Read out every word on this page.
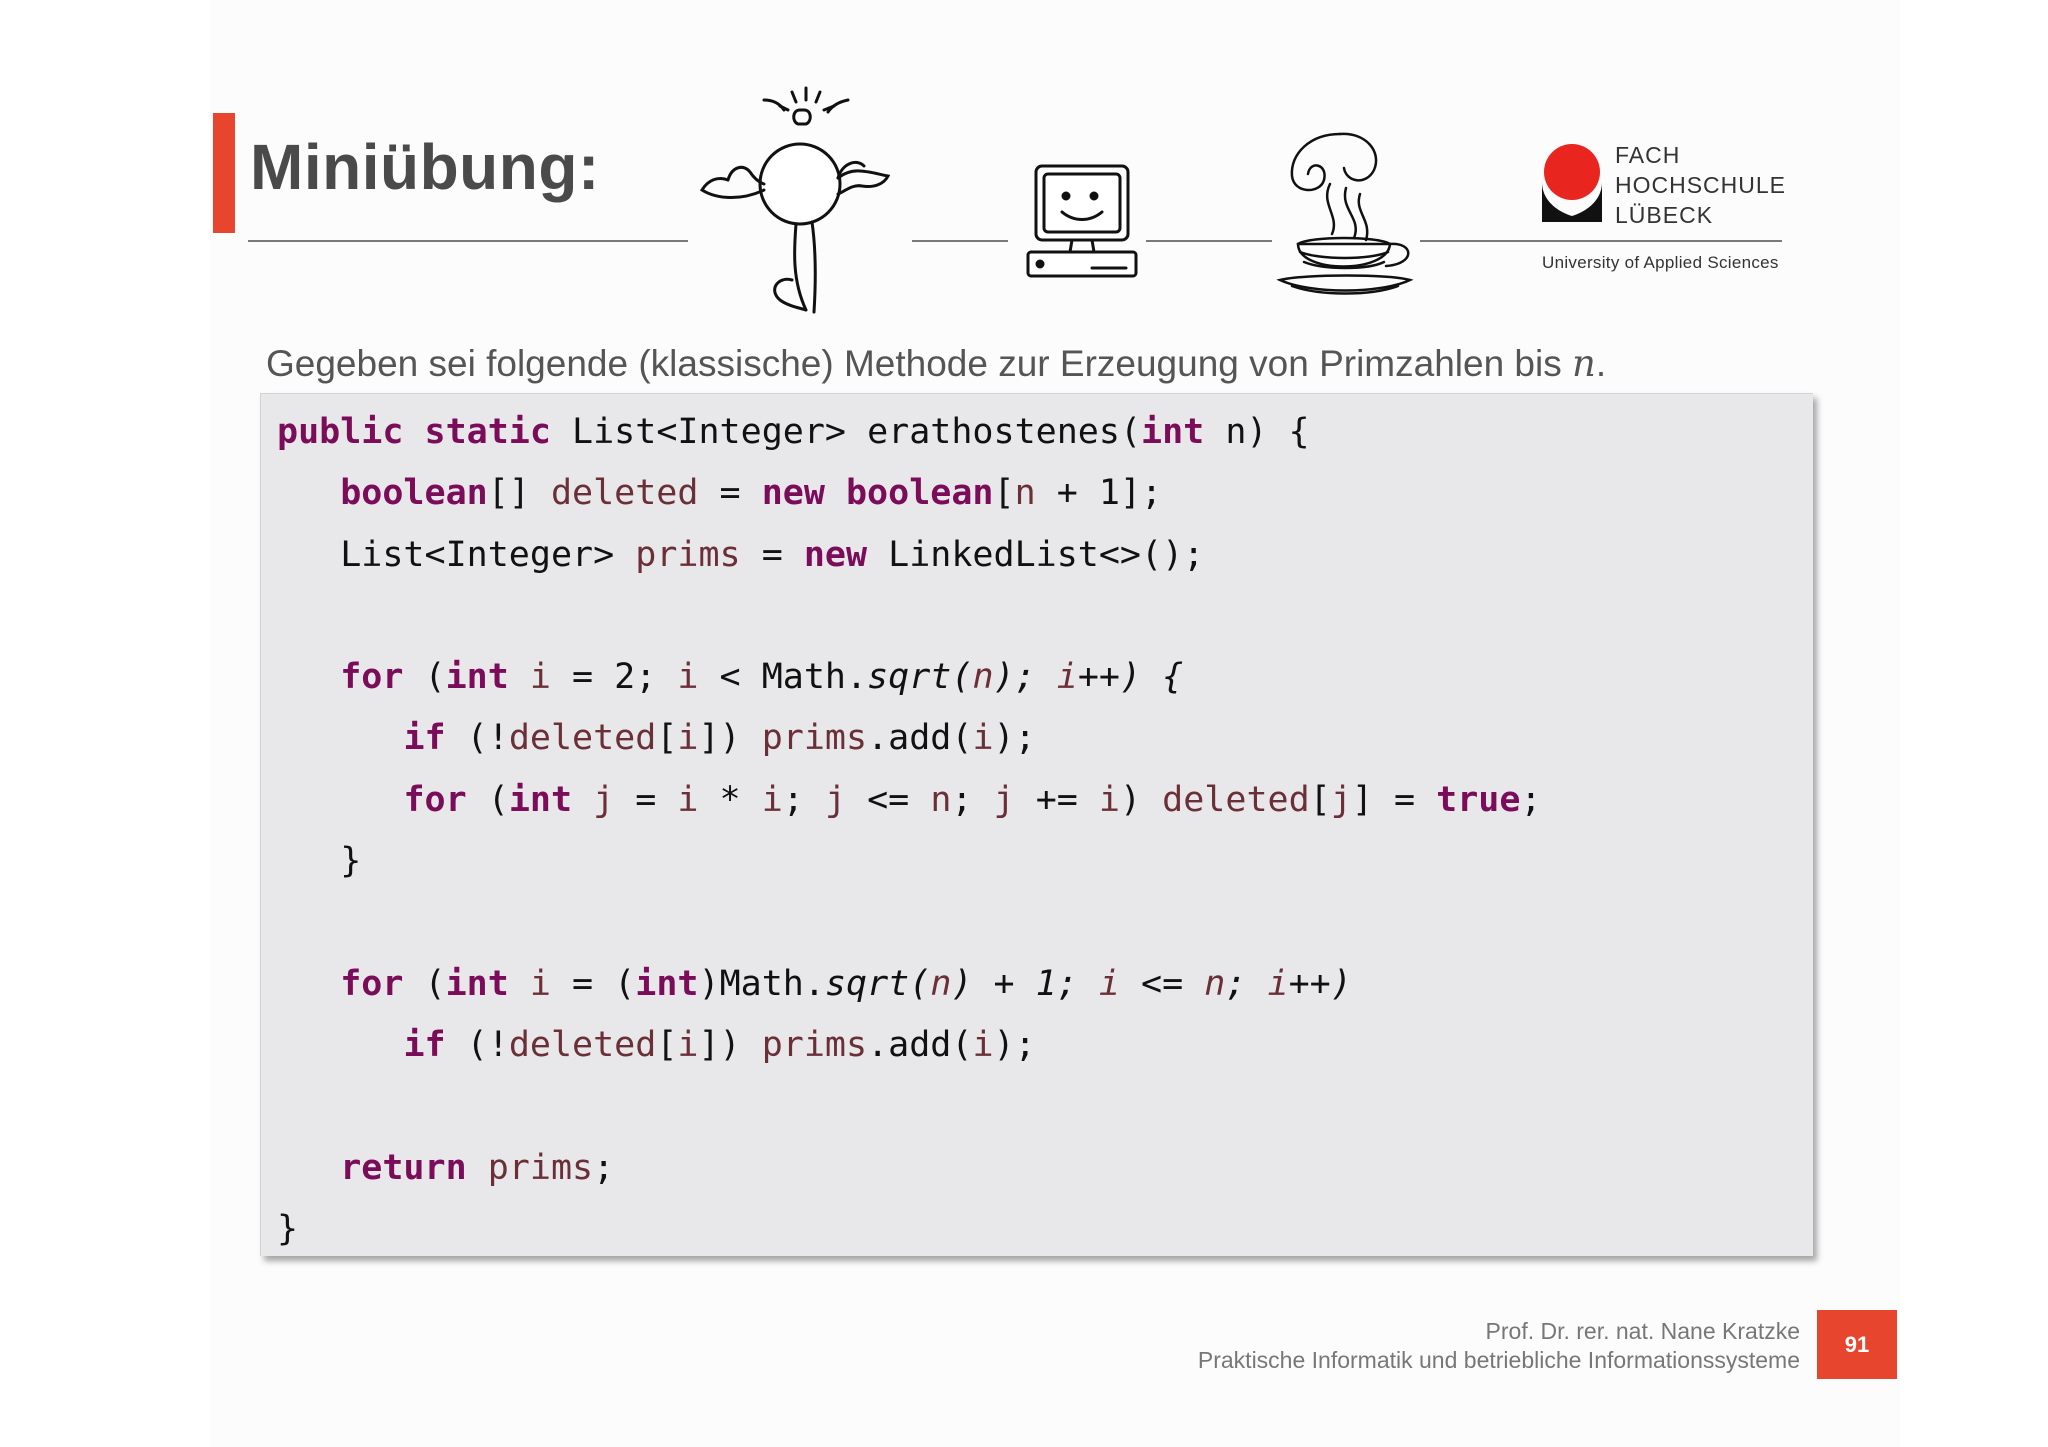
Miniübung:	FACH
HOCHSCHULE
LÜBECK
University of Applied Sciences
Gegeben sei folgende (klassische) Methode zur Erzeugung von Primzahlen bis n.
public static List<Integer> erathostenes(int n) {
boolean[] deleted = new boolean[n + 1];
List<Integer> prims = new LinkedList<>();
for (int i = 2; i < Math.sqrt(n); i++) {
if (!deleted[i]) prims.add(i);
for (int j = i * i; j <= n; j += i) deleted[j] = true;
}
for (int i = (int)Math.sqrt(n) + 1; i <= n; i++)
if (!deleted[i]) prims.add(i);
return prims;
}
Prof. Dr. rer. nat. Nane Kratzke
Praktische Informatik und betriebliche Informationssysteme
91
